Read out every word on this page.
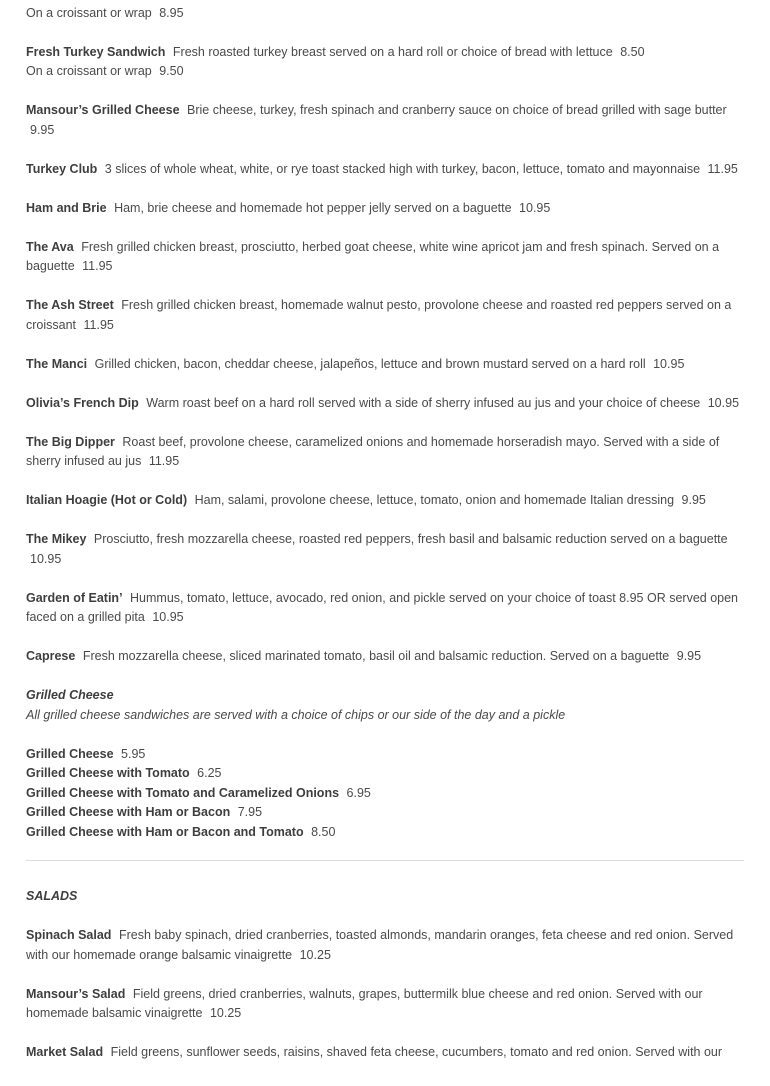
On a croissant or wrap 8.95
Fresh Turkey Sandwich Fresh roasted turkey breast served on a hard roll or choice of bread with lettuce 8.50
On a croissant or wrap 9.50
Mansour’s Grilled Cheese Brie cheese, turkey, fresh spinach and cranberry sauce on choice of bread grilled with sage butter 9.95
Turkey Club 3 slices of whole wheat, white, or rye toast stacked high with turkey, bacon, lettuce, tomato and mayonnaise 11.95
Ham and Brie Ham, brie cheese and homemade hot pepper jelly served on a baguette 10.95
The Ava Fresh grilled chicken breast, prosciutto, herbed goat cheese, white wine apricot jam and fresh spinach. Served on a baguette 11.95
The Ash Street Fresh grilled chicken breast, homemade walnut pesto, provolone cheese and roasted red peppers served on a croissant 11.95
The Manci Grilled chicken, bacon, cheddar cheese, jalapeños, lettuce and brown mustard served on a hard roll 10.95
Olivia’s French Dip Warm roast beef on a hard roll served with a side of sherry infused au jus and your choice of cheese 10.95
The Big Dipper Roast beef, provolone cheese, caramelized onions and homemade horseradish mayo. Served with a side of sherry infused au jus 11.95
Italian Hoagie (Hot or Cold) Ham, salami, provolone cheese, lettuce, tomato, onion and homemade Italian dressing 9.95
The Mikey Prosciutto, fresh mozzarella cheese, roasted red peppers, fresh basil and balsamic reduction served on a baguette 10.95
Garden of Eatin’ Hummus, tomato, lettuce, avocado, red onion, and pickle served on your choice of toast 8.95 OR served open faced on a grilled pita 10.95
Caprese Fresh mozzarella cheese, sliced marinated tomato, basil oil and balsamic reduction. Served on a baguette 9.95
Grilled Cheese
All grilled cheese sandwiches are served with a choice of chips or our side of the day and a pickle
Grilled Cheese 5.95
Grilled Cheese with Tomato 6.25
Grilled Cheese with Tomato and Caramelized Onions 6.95
Grilled Cheese with Ham or Bacon 7.95
Grilled Cheese with Ham or Bacon and Tomato 8.50
SALADS
Spinach Salad Fresh baby spinach, dried cranberries, toasted almonds, mandarin oranges, feta cheese and red onion. Served with our homemade orange balsamic vinaigrette 10.25
Mansour’s Salad Field greens, dried cranberries, walnuts, grapes, buttermilk blue cheese and red onion. Served with our homemade balsamic vinaigrette 10.25
Market Salad Field greens, sunflower seeds, raisins, shaved feta cheese, cucumbers, tomato and red onion. Served with our
